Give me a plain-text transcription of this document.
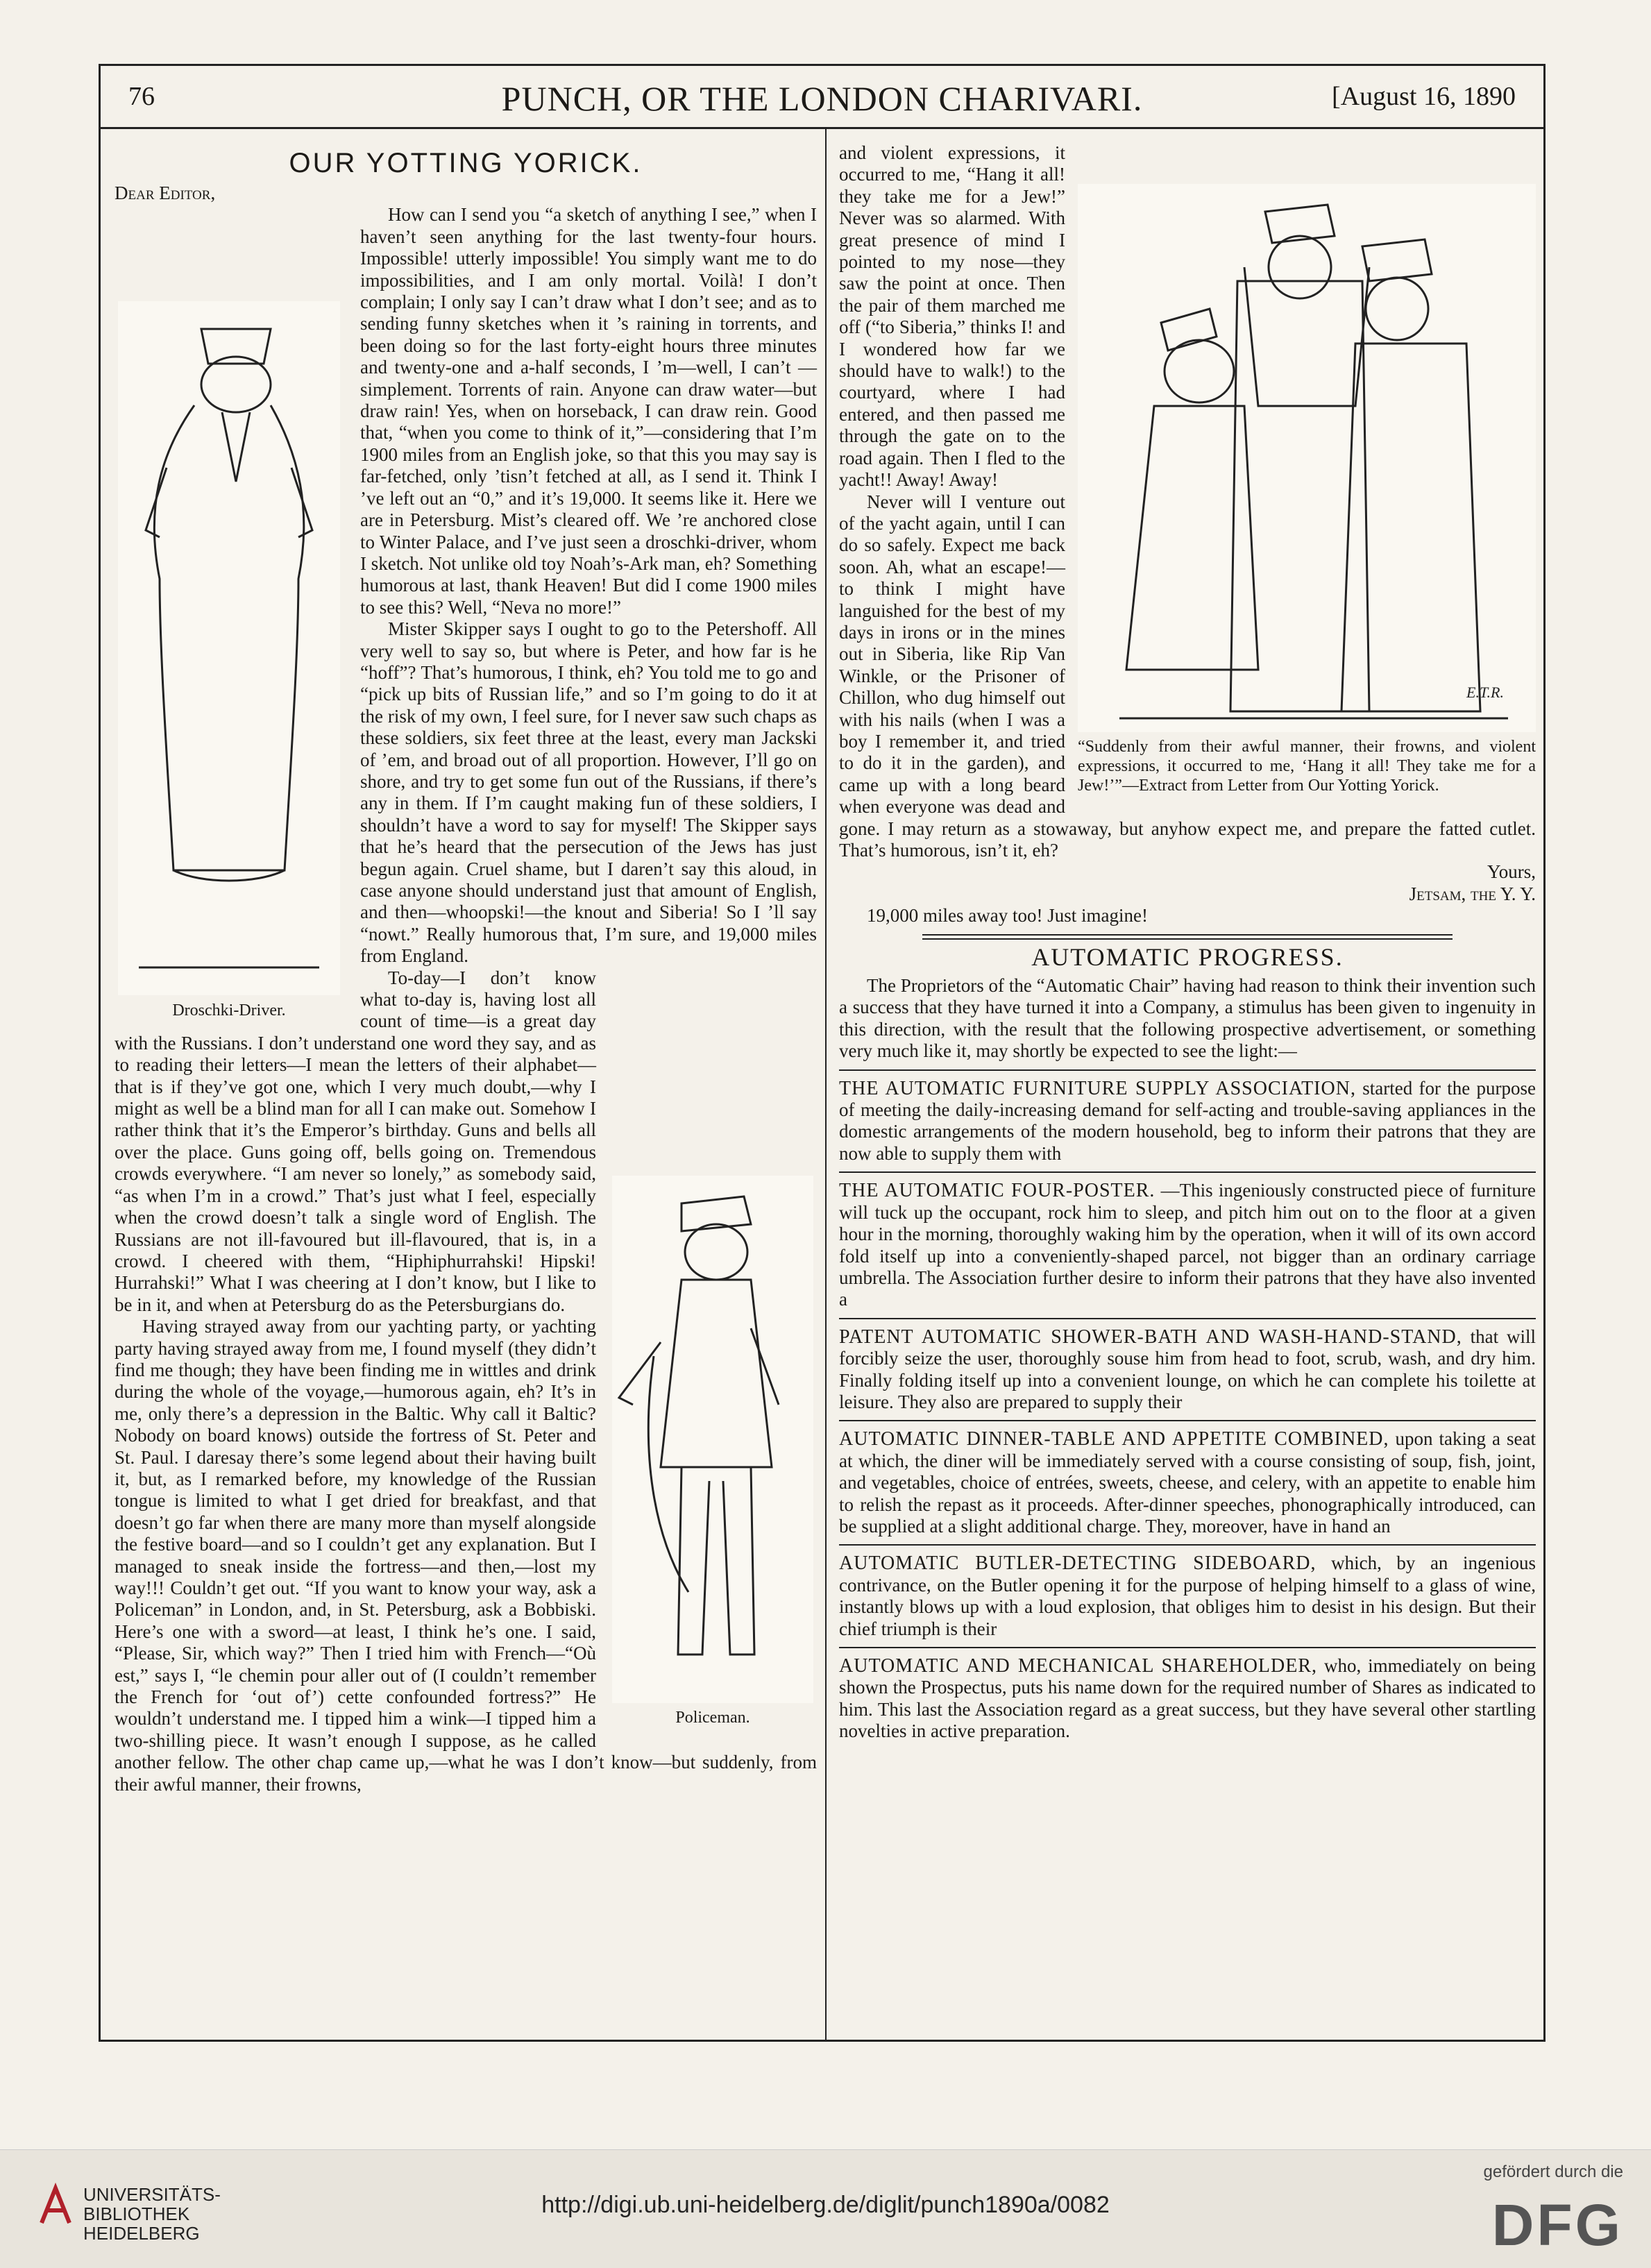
76	PUNCH, OR THE LONDON CHARIVARI.	[August 16, 1890
OUR YOTTING YORICK.

Dear Editor,

Droschki-Driver.

How can I send you “a sketch of anything I see,” when I haven’t seen anything for the last twenty-four hours. Impossible! utterly impossible! You simply want me to do impossibilities, and I am only mortal. Voilà! I don’t complain; I only say I can’t draw what I don’t see; and as to sending funny sketches when it ’s raining in torrents, and been doing so for the last forty-eight hours three minutes and twenty-one and a-half seconds, I ’m—well, I can’t —simplement. Torrents of rain. Anyone can draw water—but draw rain! Yes, when on horseback, I can draw rein. Good that, “when you come to think of it,”—considering that I’m 1900 miles from an English joke, so that this you may say is far-fetched, only ’tisn’t fetched at all, as I send it. Think I ’ve left out an “0,” and it’s 19,000. It seems like it. Here we are in Petersburg. Mist’s cleared off. We ’re anchored close to Winter Palace, and I’ve just seen a droschki-driver, whom I sketch. Not unlike old toy Noah’s-Ark man, eh? Something humorous at last, thank Heaven! But did I come 1900 miles to see this? Well, “Neva no more!”

Mister Skipper says I ought to go to the Petershoff. All very well to say so, but where is Peter, and how far is he “hoff”? That’s humorous, I think, eh? You told me to go and “pick up bits of Russian life,” and so I’m going to do it at the risk of my own, I feel sure, for I never saw such chaps as these soldiers, six feet three at the least, every man Jackski of ’em, and broad out of all proportion. However, I’ll go on shore, and try to get some fun out of the Russians, if there’s any in them. If I’m caught making fun of these soldiers, I shouldn’t have a word to say for myself! The Skipper says that he’s heard that the persecution of the Jews has just begun again. Cruel shame, but I daren’t say this aloud, in case anyone should understand just that amount of English, and then—whoopski!—the knout and Siberia! So I ’ll say “nowt.” Really humorous that, I’m sure, and 19,000 miles from England.

Policeman.

To-day—I don’t know what to-day is, having lost all count of time—is a great day with the Russians. I don’t understand one word they say, and as to reading their letters—I mean the letters of their alphabet—that is if they’ve got one, which I very much doubt,—why I might as well be a blind man for all I can make out. Somehow I rather think that it’s the Emperor’s birthday. Guns and bells all over the place. Guns going off, bells going on. Tremendous crowds everywhere. “I am never so lonely,” as somebody said, “as when I’m in a crowd.” That’s just what I feel, especially when the crowd doesn’t talk a single word of English. The Russians are not ill-favoured but ill-flavoured, that is, in a crowd. I cheered with them, “Hiphiphurrahski! Hipski! Hurrahski!” What I was cheering at I don’t know, but I like to be in it, and when at Petersburg do as the Petersburgians do.

Having strayed away from our yachting party, or yachting party having strayed away from me, I found myself (they didn’t find me though; they have been finding me in wittles and drink during the whole of the voyage,—humorous again, eh? It’s in me, only there’s a depression in the Baltic. Why call it Baltic? Nobody on board knows) outside the fortress of St. Peter and St. Paul. I daresay there’s some legend about their having built it, but, as I remarked before, my knowledge of the Russian tongue is limited to what I get dried for breakfast, and that doesn’t go far when there are many more than myself alongside the festive board—and so I couldn’t get any explanation. But I managed to sneak inside the fortress—and then,—lost my way!!! Couldn’t get out. “If you want to know your way, ask a Policeman” in London, and, in St. Petersburg, ask a Bobbiski. Here’s one with a sword—at least, I think he’s one. I said, “Please, Sir, which way?” Then I tried him with French—“Où est,” says I, “le chemin pour aller out of (I couldn’t remember the French for ‘out of’) cette confounded fortress?” He wouldn’t understand me. I tipped him a wink—I tipped him a two-shilling piece. It wasn’t enough I suppose, as he called another fellow. The other chap came up,—what he was I don’t know—but suddenly, from their awful manner, their frowns,

E.T.R.
“Suddenly from their awful manner, their frowns, and violent expressions, it occurred to me, ‘Hang it all! They take me for a Jew!’”—Extract from Letter from Our Yotting Yorick.

and violent expressions, it occurred to me, “Hang it all! they take me for a Jew!” Never was so alarmed. With great presence of mind I pointed to my nose—they saw the point at once. Then the pair of them marched me off (“to Siberia,” thinks I! and I wondered how far we should have to walk!) to the courtyard, where I had entered, and then passed me through the gate on to the road again. Then I fled to the yacht!! Away! Away!

Never will I venture out of the yacht again, until I can do so safely. Expect me back soon. Ah, what an escape!—to think I might have languished for the best of my days in irons or in the mines out in Siberia, like Rip Van Winkle, or the Prisoner of Chillon, who dug himself out with his nails (when I was a boy I remember it, and tried to do it in the garden), and came up with a long beard when everyone was dead and gone. I may return as a stowaway, but anyhow expect me, and prepare the fatted cutlet. That’s humorous, isn’t it, eh?

Yours,
Jetsam, the Y. Y.

19,000 miles away too! Just imagine!

AUTOMATIC PROGRESS.

The Proprietors of the “Automatic Chair” having had reason to think their invention such a success that they have turned it into a Company, a stimulus has been given to ingenuity in this direction, with the result that the following prospective advertisement, or something very much like it, may shortly be expected to see the light:—

THE AUTOMATIC FURNITURE SUPPLY ASSOCIATION, started for the purpose of meeting the daily-increasing demand for self-acting and trouble-saving appliances in the domestic arrangements of the modern household, beg to inform their patrons that they are now able to supply them with
THE AUTOMATIC FOUR-POSTER. —This ingeniously constructed piece of furniture will tuck up the occupant, rock him to sleep, and pitch him out on to the floor at a given hour in the morning, thoroughly waking him by the operation, when it will of its own accord fold itself up into a conveniently-shaped parcel, not bigger than an ordinary carriage umbrella. The Association further desire to inform their patrons that they have also invented a
PATENT AUTOMATIC SHOWER-BATH AND WASH-HAND-STAND, that will forcibly seize the user, thoroughly souse him from head to foot, scrub, wash, and dry him. Finally folding itself up into a convenient lounge, on which he can complete his toilette at leisure. They also are prepared to supply their
AUTOMATIC DINNER-TABLE AND APPETITE COMBINED, upon taking a seat at which, the diner will be immediately served with a course consisting of soup, fish, joint, and vegetables, choice of entrées, sweets, cheese, and celery, with an appetite to enable him to relish the repast as it proceeds. After-dinner speeches, phonographically introduced, can be supplied at a slight additional charge. They, moreover, have in hand an
AUTOMATIC BUTLER-DETECTING SIDEBOARD, which, by an ingenious contrivance, on the Butler opening it for the purpose of helping himself to a glass of wine, instantly blows up with a loud explosion, that obliges him to desist in his design. But their chief triumph is their
AUTOMATIC AND MECHANICAL SHAREHOLDER, who, immediately on being shown the Prospectus, puts his name down for the required number of Shares as indicated to him. This last the Association regard as a great success, but they have several other startling novelties in active preparation.
UNIVERSITÄTS-
BIBLIOTHEK
HEIDELBERG
http://digi.ub.uni-heidelberg.de/diglit/punch1890a/0082
gefördert durch die
DFG
